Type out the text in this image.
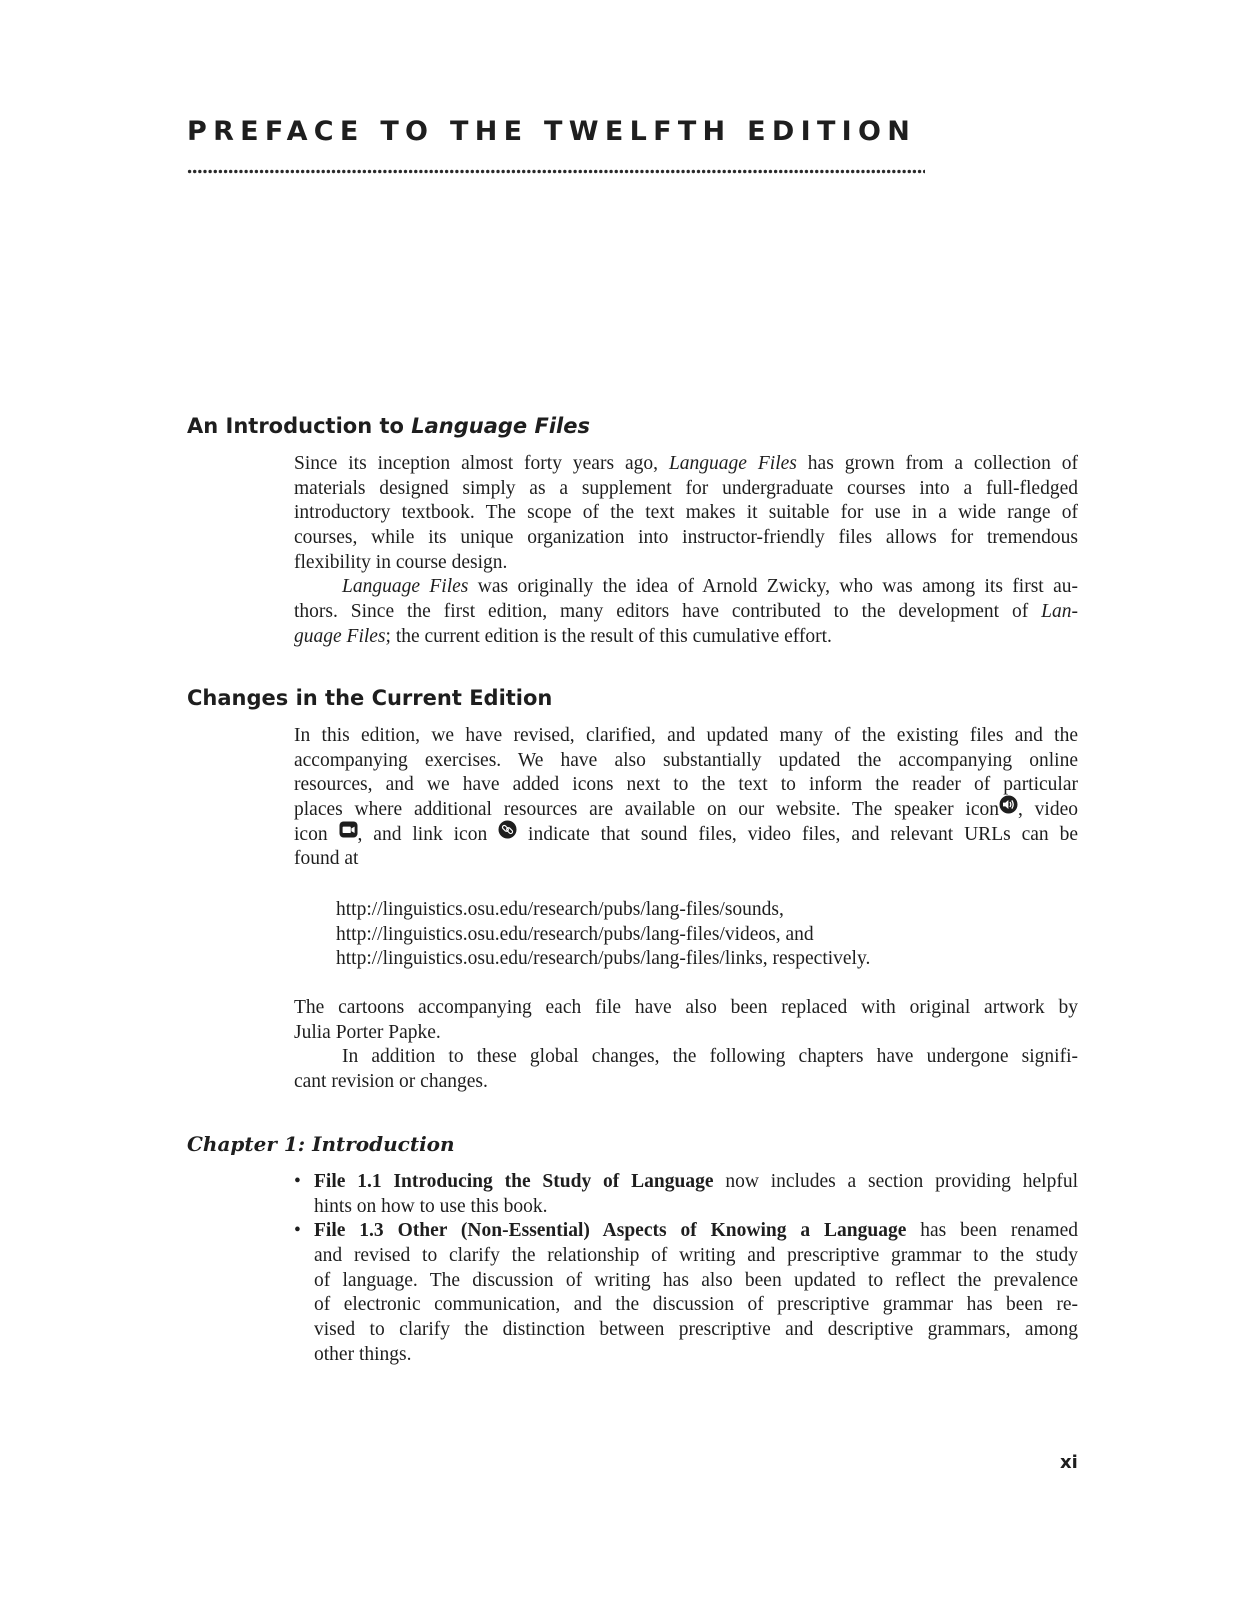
PREFACE TO THE TWELFTH EDITION
An Introduction to Language Files
Since its inception almost forty years ago, Language Files has grown from a collection of
materials designed simply as a supplement for undergraduate courses into a full-fledged
introductory textbook. The scope of the text makes it suitable for use in a wide range of
courses, while its unique organization into instructor-friendly files allows for tremendous
flexibility in course design.
Language Files was originally the idea of Arnold Zwicky, who was among its first au-
thors. Since the first edition, many editors have contributed to the development of Lan-
guage Files; the current edition is the result of this cumulative effort.
Changes in the Current Edition
In this edition, we have revised, clarified, and updated many of the existing files and the
accompanying exercises. We have also substantially updated the accompanying online
resources, and we have added icons next to the text to inform the reader of particular
places where additional resources are available on our website. The speaker icon , video
icon , and link icon
indicate that sound files, video files, and relevant URLs can be
found at
http://linguistics.osu.edu/research/pubs/lang-files/sounds,
http://linguistics.osu.edu/research/pubs/lang-files/videos, and
http://linguistics.osu.edu/research/pubs/lang-files/links, respectively.
The cartoons accompanying each file have also been replaced with original artwork by
Julia Porter Papke.
In addition to these global changes, the following chapters have undergone signifi-
cant revision or changes.
Chapter 1: Introduction
• File 1.1 Introducing the Study of Language now includes a section providing helpful
hints on how to use this book.
• File 1.3 Other (Non-Essential) Aspects of Knowing a Language has been renamed
and revised to clarify the relationship of writing and prescriptive grammar to the study
of language. The discussion of writing has also been updated to reflect the prevalence
of electronic communication, and the discussion of prescriptive grammar has been re-
vised to clarify the distinction between prescriptive and descriptive grammars, among
other things.
xi
